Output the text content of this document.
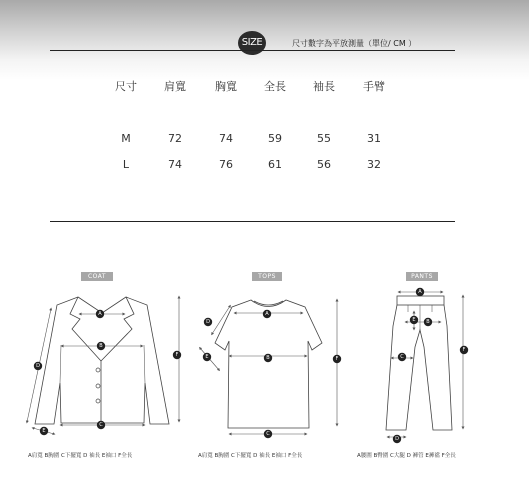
SIZE	尺寸數字為平放測量（單位/ CM ）
尺寸 肩寬	胸寬 全長 袖長	手臂
M	72	74	59	55	31
L	74	76	61	56	32
COAT	TOPS	PANTS
A
B
C
D
E
F
A
B
C
D
E	F
A
B
C
D
E
F
A肩寬 B胸圍 C下擺寬 D 袖長 E袖口 F全長	A肩寬 B胸圍 C下擺寬 D 袖長 E袖口 F全長	A腰圍 B臀圍 C大腿 D 褲管 E褲襠 F全長
